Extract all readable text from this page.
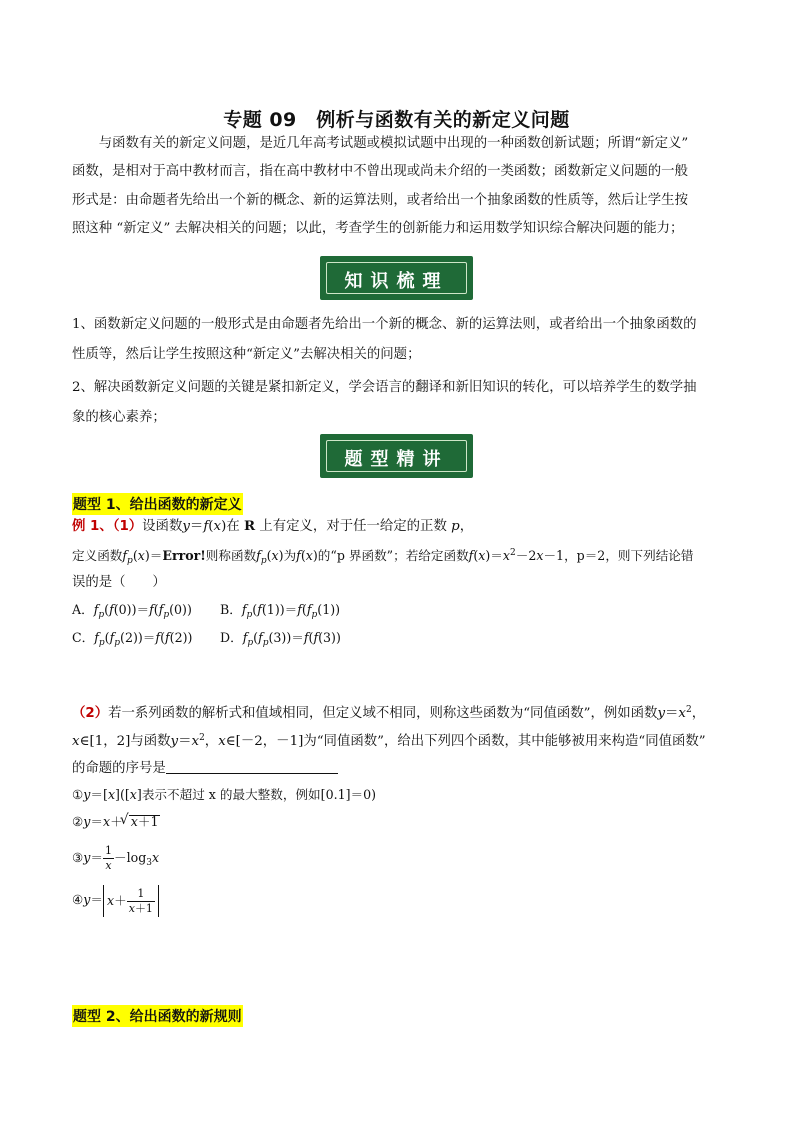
专题 09　例析与函数有关的新定义问题
　　与函数有关的新定义问题，是近几年高考试题或模拟试题中出现的一种函数创新试题；所谓“新定义”
函数，是相对于高中教材而言，指在高中教材中不曾出现或尚未介绍的一类函数；函数新定义问题的一般
形式是：由命题者先给出一个新的概念、新的运算法则，或者给出一个抽象函数的性质等，然后让学生按
照这种 “新定义” 去解决相关的问题；以此，考查学生的创新能力和运用数学知识综合解决问题的能力；
知识梳理
1、函数新定义问题的一般形式是由命题者先给出一个新的概念、新的运算法则，或者给出一个抽象函数的
性质等，然后让学生按照这种“新定义”去解决相关的问题；
2、解决函数新定义问题的关键是紧扣新定义，学会语言的翻译和新旧知识的转化，可以培养学生的数学抽
象的核心素养；
题型精讲
题型 1、给出函数的新定义
例 1、（1）设函数y＝f(x)在 R 上有定义，对于任一给定的正数 p，
定义函数$f_p(x)=Error$!则称函数$f_p(x)$为f(x)的“p 界函数”；若给定函数$f(x)=x^2-2x-1$，p＝2，则下列结论错
误的是（　　）
A．$f_p(f(0))=f(f_p(0))$ B．$f_p(f(1))=f(f_p(1))$
C．$f_p(f_p(2))=f(f(2))$ D．$f_p(f_p(3))=f(f(3))$
（2）若一系列函数的解析式和值域相同，但定义域不相同，则称这些函数为“同值函数”，例如函数$y=x^2$，
x∈[1，2]与函数$y=x^2$，x∈[－2，－1]为“同值函数”，给出下列四个函数，其中能够被用来构造“同值函数”
的命题的序号是
①y＝[x]([x]表示不超过 x 的最大整数，例如[0.1]＝0)
②y＝x＋ √ x＋1
③y＝ $\frac{1}{x} -\log_3x$
④y＝ $x+ \frac{1}{x+1}$
题型 2、给出函数的新规则
